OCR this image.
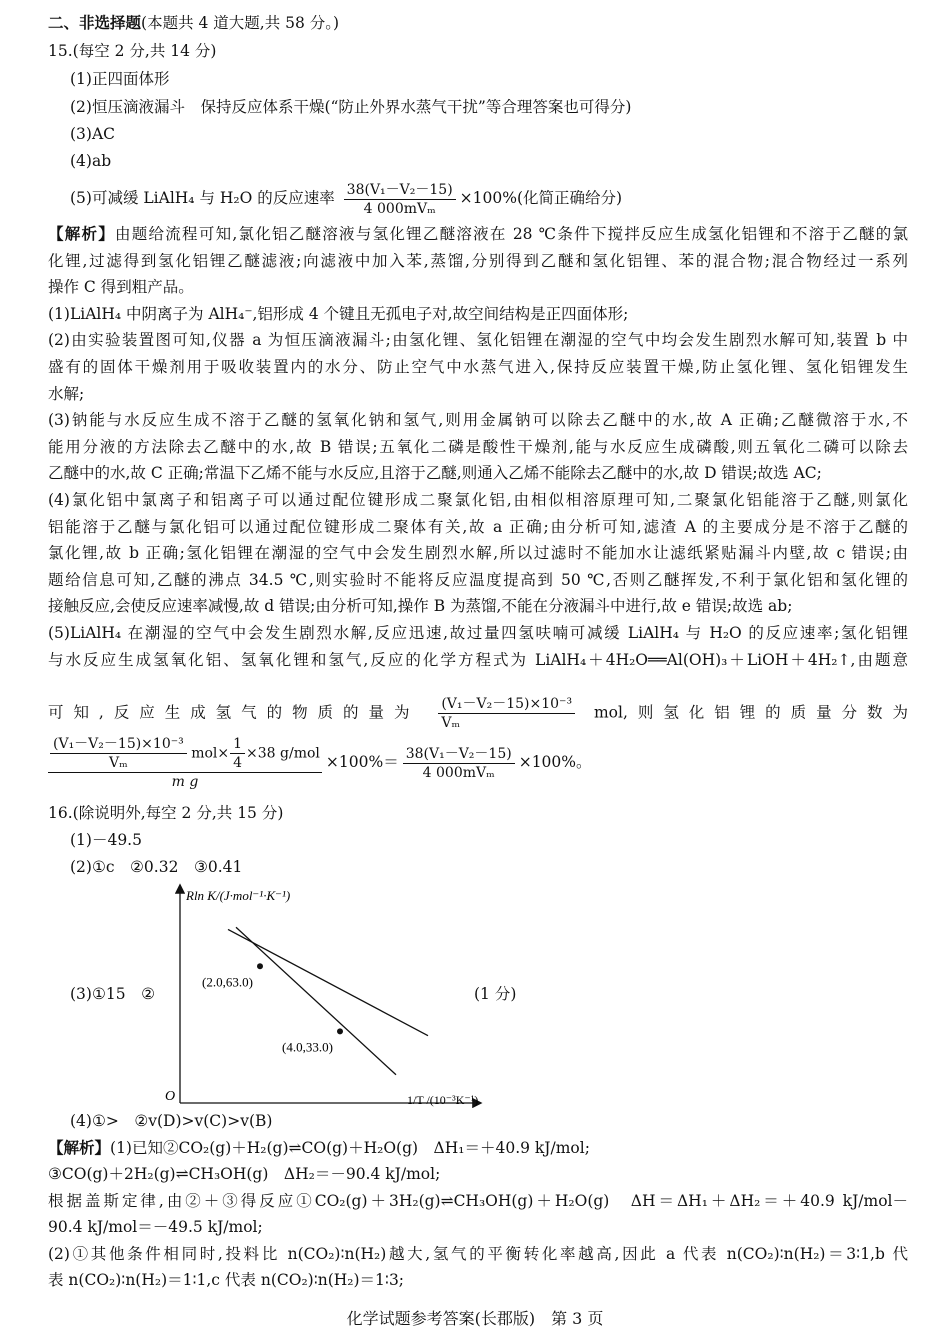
二、非选择题(本题共 4 道大题,共 58 分。)
15.(每空 2 分,共 14 分)
(1)正四面体形
(2)恒压滴液漏斗　保持反应体系干燥(“防止外界水蒸气干扰”等合理答案也可得分)
(3)AC
(4)ab
(5)可减缓 LiAlH₄ 与 H₂O 的反应速率 $\frac{\text{38(V₁－V₂－15)}}{\text{4 000mVₘ}} \times 100\%$(化简正确给分)
【解析】由题给流程可知,氯化铝乙醚溶液与氢化锂乙醚溶液在 28 ℃条件下搅拌反应生成氢化铝锂和不溶于乙醚的氯
化锂,过滤得到氢化铝锂乙醚滤液;向滤液中加入苯,蒸馏,分别得到乙醚和氢化铝锂、苯的混合物;混合物经过一系列
操作 C 得到粗产品。
(1)LiAlH₄ 中阴离子为 AlH₄⁻,铝形成 4 个键且无孤电子对,故空间结构是正四面体形;
(2)由实验装置图可知,仪器 a 为恒压滴液漏斗;由氢化锂、氢化铝锂在潮湿的空气中均会发生剧烈水解可知,装置 b 中
盛有的固体干燥剂用于吸收装置内的水分、防止空气中水蒸气进入,保持反应装置干燥,防止氢化锂、氢化铝锂发生
水解;
(3)钠能与水反应生成不溶于乙醚的氢氧化钠和氢气,则用金属钠可以除去乙醚中的水,故 A 正确;乙醚微溶于水,不
能用分液的方法除去乙醚中的水,故 B 错误;五氧化二磷是酸性干燥剂,能与水反应生成磷酸,则五氧化二磷可以除去
乙醚中的水,故 C 正确;常温下乙烯不能与水反应,且溶于乙醚,则通入乙烯不能除去乙醚中的水,故 D 错误;故选 AC;
(4)氯化铝中氯离子和铝离子可以通过配位键形成二聚氯化铝,由相似相溶原理可知,二聚氯化铝能溶于乙醚,则氯化
铝能溶于乙醚与氯化铝可以通过配位键形成二聚体有关,故 a 正确;由分析可知,滤渣 A 的主要成分是不溶于乙醚的
氯化锂,故 b 正确;氢化铝锂在潮湿的空气中会发生剧烈水解,所以过滤时不能加水让滤纸紧贴漏斗内壁,故 c 错误;由
题给信息可知,乙醚的沸点 34.5 ℃,则实验时不能将反应温度提高到 50 ℃,否则乙醚挥发,不利于氯化铝和氢化锂的
接触反应,会使反应速率减慢,故 d 错误;由分析可知,操作 B 为蒸馏,不能在分液漏斗中进行,故 e 错误;故选 ab;
(5)LiAlH₄ 在潮湿的空气中会发生剧烈水解,反应迅速,故过量四氢呋喃可减缓 LiAlH₄ 与 H₂O 的反应速率;氢化铝锂
与水反应生成氢氧化铝、氢氧化锂和氢气,反应的化学方程式为 LiAlH₄＋4H₂O══Al(OH)₃＋LiOH＋4H₂↑,由题意
可知,反应生成氢气的物质的量为 $\frac{\text{(V₁－V₂－15)×10⁻³}}{\text{Vₘ}}$ mol,则氢化铝锂的质量分数为
$\frac{\frac{\text{(V₁－V₂－15)×10⁻³}}{\text{Vₘ}} mol\times \frac{1}{4} \times 38 g/mol}{\text{m g}} \times 100\%= \frac{\text{38(V₁－V₂－15)}}{\text{4 000mVₘ}} \times 100\%$。
16.(除说明外,每空 2 分,共 15 分)
(1)－49.5
(2)①c　②0.32　③0.41
(3)①15　②	(1 分)
Rln K/(J·mol⁻¹·K⁻¹)
O	1/T /(10⁻³K⁻¹)
(2.0,63.0)
(4.0,33.0)
(4)①>　②v(D)>v(C)>v(B)
【解析】(1)已知②CO₂(g)＋H₂(g)⇌CO(g)＋H₂O(g)　ΔH₁＝＋40.9 kJ/mol;
③CO(g)＋2H₂(g)⇌CH₃OH(g)　ΔH₂＝－90.4 kJ/mol;
根据盖斯定律,由②＋③得反应①CO₂(g)＋3H₂(g)⇌CH₃OH(g)＋H₂O(g)　ΔH＝ΔH₁＋ΔH₂＝＋40.9 kJ/mol－
90.4 kJ/mol＝－49.5 kJ/mol;
(2)①其他条件相同时,投料比 n(CO₂)∶n(H₂)越大,氢气的平衡转化率越高,因此 a 代表 n(CO₂)∶n(H₂)＝3∶1,b 代
表 n(CO₂)∶n(H₂)＝1∶1,c 代表 n(CO₂)∶n(H₂)＝1∶3;
化学试题参考答案(长郡版)　第 3 页
